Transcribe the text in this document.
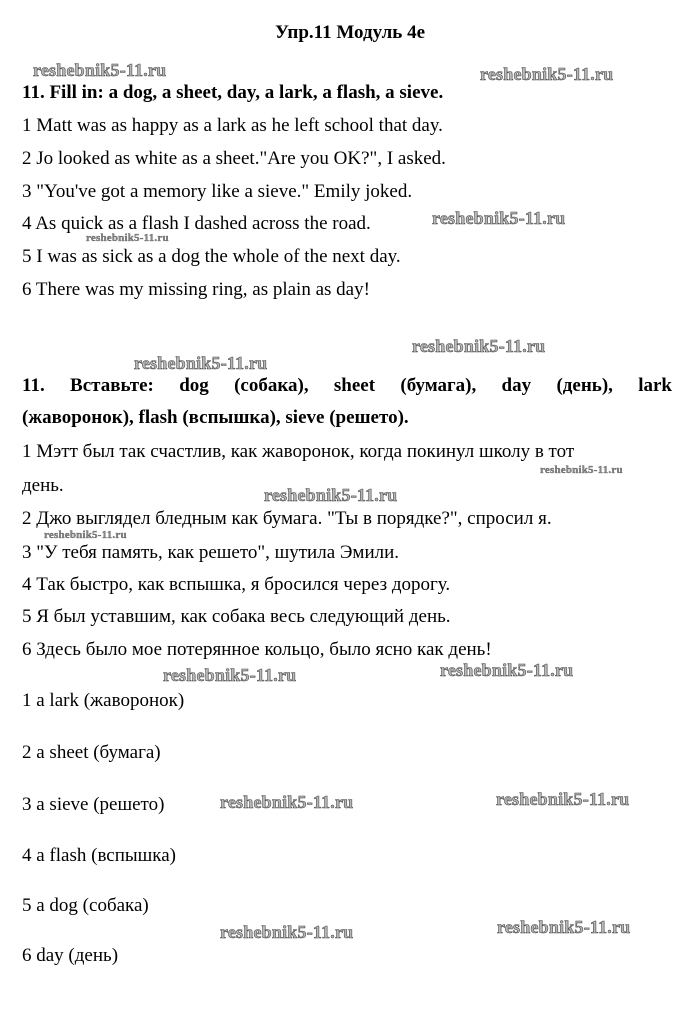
Упр.11 Модуль 4е
11. Fill in: a dog, a sheet, day, a lark, a flash, a sieve.
1 Matt was as happy as a lark as he left school that day.
2 Jo looked as white as a sheet."Are you OK?", I asked.
3 "You've got a memory like a sieve." Emily joked.
4 As quick as a flash I dashed across the road.
5 I was as sick as a dog the whole of the next day.
6 There was my missing ring, as plain as day!
11. Вставьте: dog (собака), sheet (бумага), day (день), lark
(жаворонок), flash (вспышка), sieve (решето).
1 Мэтт был так счастлив, как жаворонок, когда покинул школу в тот
день.
2 Джо выглядел бледным как бумага. "Ты в порядке?", спросил я.
3 "У тебя память, как решето", шутила Эмили.
4 Так быстро, как вспышка, я бросился через дорогу.
5 Я был уставшим, как собака весь следующий день.
6 Здесь было мое потерянное кольцо, было ясно как день!
1 a lark (жаворонок)
2 a sheet (бумага)
3 a sieve (решето)
4 a flash (вспышка)
5 a dog (собака)
6 day (день)
reshebnik5-11.ru	reshebnik5-11.ru
reshebnik5-11.ru
reshebnik5-11.ru
reshebnik5-11.ru
reshebnik5-11.ru
reshebnik5-11.ru
reshebnik5-11.ru
reshebnik5-11.ru
reshebnik5-11.ru
reshebnik5-11.ru
reshebnik5-11.ru	reshebnik5-11.ru
reshebnik5-11.ru
reshebnik5-11.ru
